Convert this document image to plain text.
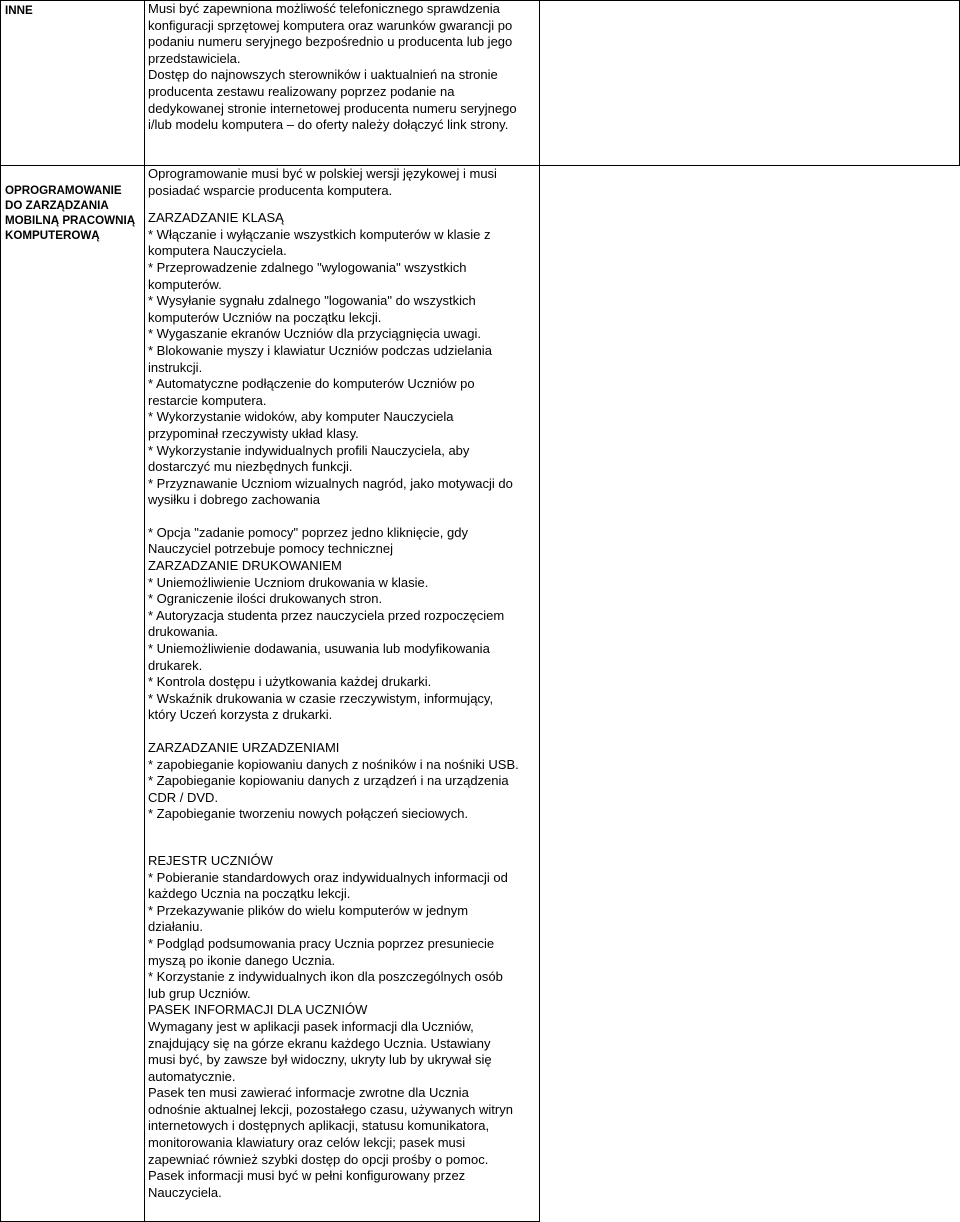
INNE	Musi być zapewniona możliwość telefonicznego sprawdzenia
konfiguracji sprzętowej komputera oraz warunków gwarancji po
podaniu numeru seryjnego bezpośrednio u producenta lub jego
przedstawiciela.
Dostęp do najnowszych sterowników i uaktualnień na stronie
producenta zestawu realizowany poprzez podanie na
dedykowanej stronie internetowej producenta numeru seryjnego
i/lub modelu komputera – do oferty należy dołączyć link strony.

OPROGRAMOWANIE
DO ZARZĄDZANIA
MOBILNĄ PRACOWNIĄ
KOMPUTEROWĄ

Oprogramowanie musi być w polskiej wersji językowej i musi
posiadać wsparcie producenta komputera.
ZARZADZANIE KLASĄ
* Włączanie i wyłączanie wszystkich komputerów w klasie z
komputera Nauczyciela.
* Przeprowadzenie zdalnego "wylogowania" wszystkich
komputerów.
* Wysyłanie sygnału zdalnego "logowania" do wszystkich
komputerów Uczniów na początku lekcji.
* Wygaszanie ekranów Uczniów dla przyciągnięcia uwagi.
* Blokowanie myszy i klawiatur Uczniów podczas udzielania
instrukcji.
* Automatyczne podłączenie do komputerów Uczniów po
restarcie komputera.
* Wykorzystanie widoków, aby komputer Nauczyciela
przypominał rzeczywisty układ klasy.
* Wykorzystanie indywidualnych profili Nauczyciela, aby
dostarczyć mu niezbędnych funkcji.
* Przyznawanie Uczniom wizualnych nagród, jako motywacji do
wysiłku i dobrego zachowania
* Opcja "zadanie pomocy" poprzez jedno kliknięcie, gdy
Nauczyciel potrzebuje pomocy technicznej
ZARZADZANIE DRUKOWANIEM
* Uniemożliwienie Uczniom drukowania w klasie.
* Ograniczenie ilości drukowanych stron.
* Autoryzacja studenta przez nauczyciela przed rozpoczęciem
drukowania.
* Uniemożliwienie dodawania, usuwania lub modyfikowania
drukarek.
* Kontrola dostępu i użytkowania każdej drukarki.
* Wskaźnik drukowania w czasie rzeczywistym, informujący,
który Uczeń korzysta z drukarki.
ZARZADZANIE URZADZENIAMI
* zapobieganie kopiowaniu danych z nośników i na nośniki USB.
* Zapobieganie kopiowaniu danych z urządzeń i na urządzenia
CDR / DVD.
* Zapobieganie tworzeniu nowych połączeń sieciowych.
REJESTR UCZNIÓW
* Pobieranie standardowych oraz indywidualnych informacji od
każdego Ucznia na początku lekcji.
* Przekazywanie plików do wielu komputerów w jednym
działaniu.
* Podgląd podsumowania pracy Ucznia poprzez presuniecie
myszą po ikonie danego Ucznia.
* Korzystanie z indywidualnych ikon dla poszczególnych osób
lub grup Uczniów.
PASEK INFORMACJI DLA UCZNIÓW
Wymagany jest w aplikacji pasek informacji dla Uczniów,
znajdujący się na górze ekranu każdego Ucznia. Ustawiany
musi być, by zawsze był widoczny, ukryty lub by ukrywał się
automatycznie.
Pasek ten musi zawierać informacje zwrotne dla Ucznia
odnośnie aktualnej lekcji, pozostałego czasu, używanych witryn
internetowych i dostępnych aplikacji, statusu komunikatora,
monitorowania klawiatury oraz celów lekcji; pasek musi
zapewniać również szybki dostęp do opcji prośby o pomoc.
Pasek informacji musi być w pełni konfigurowany przez
Nauczyciela.
